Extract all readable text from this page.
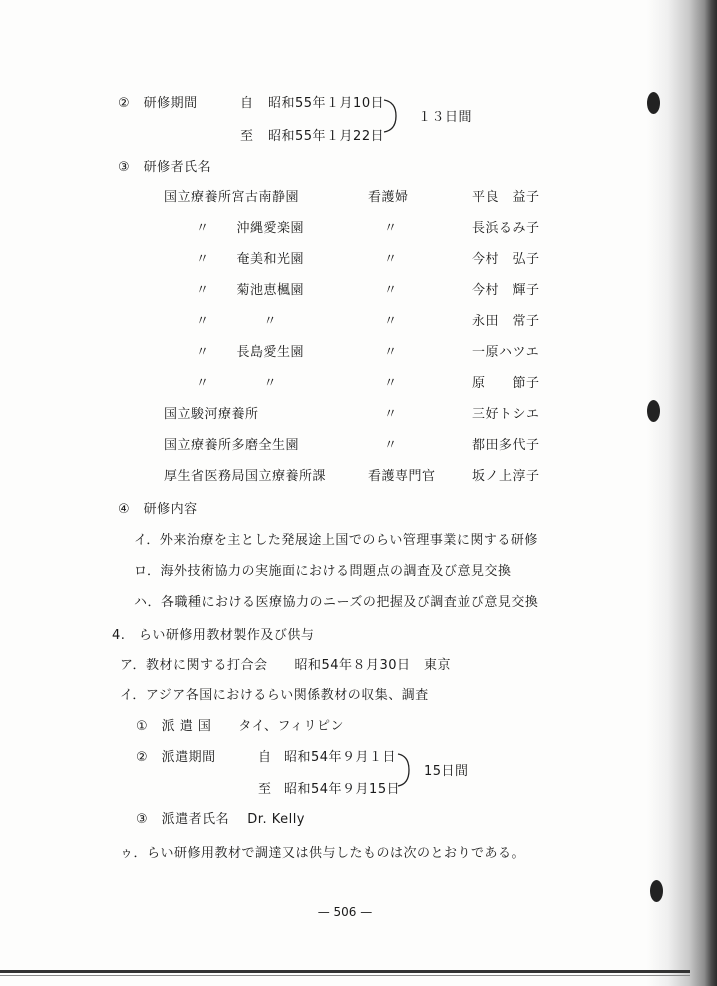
②　研修期間	自 昭和55年１月10日
至 昭和55年１月22日
１３日間
③　研修者氏名
国立療養所宮古南静園	看護婦	平良　益子
〃　　沖縄愛楽園	〃	長浜るみ子
〃　　奄美和光園	〃	今村　弘子
〃　　菊池恵楓園	〃	今村　輝子
〃　　　　〃	〃	永田　常子
〃　　長島愛生園	〃	一原ハツエ
〃　　　　〃	〃	原　　節子
国立駿河療養所	〃	三好トシエ
国立療養所多磨全生園	〃	都田多代子
厚生省医務局国立療養所課	看護専門官	坂ノ上淳子
④　研修内容
イ．外来治療を主とした発展途上国でのらい管理事業に関する研修
ロ．海外技術協力の実施面における問題点の調査及び意見交換
ハ．各職種における医療協力のニーズの把握及び調査並び意見交換
4.　らい研修用教材製作及び供与
ア．教材に関する打合会　　昭和54年８月30日　東京
イ．アジア各国におけるらい関係教材の収集、調査
①　派 遣 国　　タイ、フィリピン
②　派遣期間	自 昭和54年９月１日
至 昭和54年９月15日
15日間
③　派遣者氏名　 Dr. Kelly
ゥ．らい研修用教材で調達又は供与したものは次のとおりである。
— 506 —
